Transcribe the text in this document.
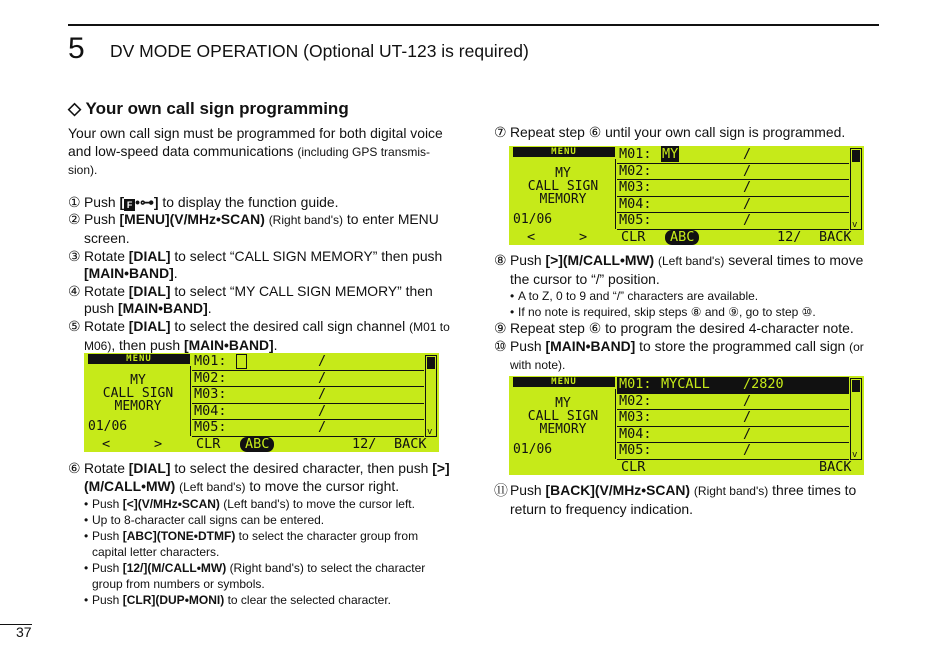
5 DV MODE OPERATION (Optional UT-123 is required)
◇ Your own call sign programming

Your own call sign must be programmed for both digital voice and low-speed data communications (including GPS transmis-sion).

① Push [ F •⊶] to display the function guide.
② Push [MENU](V/MHz•SCAN) (Right band's) to enter MENU screen.
③ Rotate [DIAL] to select “CALL SIGN MEMORY” then push [MAIN•BAND].
④ Rotate [DIAL] to select “MY CALL SIGN MEMORY” then push [MAIN•BAND].
⑤ Rotate [DIAL] to select the desired call sign channel (M01 to M06), then push [MAIN•BAND].
MENU
MY
CALL SIGN
MEMORY
01/06
M01:	/
M02:	/
M03:	/
M04:	/
M05:	/	v
<	>	CLR	ABC	12/ BACK
⑥ Rotate [DIAL] to select the desired character, then push [>](M/CALL•MW) (Left band's) to move the cursor right.
• Push [<](V/MHz•SCAN) (Left band's) to move the cursor left.
• Up to 8-character call signs can be entered.
• Push [ABC](TONE•DTMF) to select the character group from capital letter characters.
• Push [12/](M/CALL•MW) (Right band's) to select the character group from numbers or symbols.
• Push [CLR](DUP•MONI) to clear the selected character.
⑦ Repeat step ⑥ until your own call sign is programmed.
MENU
MY
CALL SIGN
MEMORY
01/06
M01: MY	/
M02:	/
M03:	/
M04:	/
M05:	/	v
<	>	CLR	ABC	12/ BACK
⑧ Push [>](M/CALL•MW) (Left band's) several times to move the cursor to “/” position.
• A to Z, 0 to 9 and “/” characters are available.
• If no note is required, skip steps ⑧ and ⑨, go to step ⑩.
⑨ Repeat step ⑥ to program the desired 4-character note.
⑩ Push [MAIN•BAND] to store the programmed call sign (or with note).
MENU
MY
CALL SIGN
MEMORY
01/06
M01: MYCALL /2820
M02:	/
M03:	/
M04:	/
M05:	/	v
CLR	BACK
⑪ Push [BACK](V/MHz•SCAN) (Right band's) three times to return to frequency indication.
37
